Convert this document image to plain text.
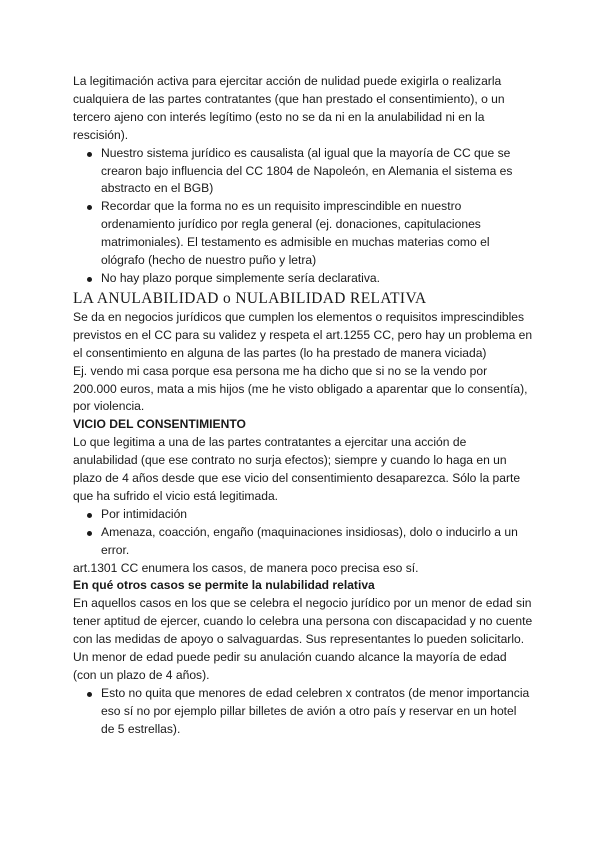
La legitimación activa para ejercitar acción de nulidad puede exigirla o realizarla cualquiera de las partes contratantes (que han prestado el consentimiento), o un tercero ajeno con interés legítimo (esto no se da ni en la anulabilidad ni en la rescisión).

Nuestro sistema jurídico es causalista (al igual que la mayoría de CC que se crearon bajo influencia del CC 1804 de Napoleón, en Alemania el sistema es abstracto en el BGB)
Recordar que la forma no es un requisito imprescindible en nuestro ordenamiento jurídico por regla general (ej. donaciones, capitulaciones matrimoniales). El testamento es admisible en muchas materias como el ológrafo (hecho de nuestro puño y letra)
No hay plazo porque simplemente sería declarativa.
LA ANULABILIDAD o NULABILIDAD RELATIVA

Se da en negocios jurídicos que cumplen los elementos o requisitos imprescindibles previstos en el CC para su validez y respeta el art.1255 CC, pero hay un problema en el consentimiento en alguna de las partes (lo ha prestado de manera viciada)

Ej. vendo mi casa porque esa persona me ha dicho que si no se la vendo por 200.000 euros, mata a mis hijos (me he visto obligado a aparentar que lo consentía), por violencia.

VICIO DEL CONSENTIMIENTO

Lo que legitima a una de las partes contratantes a ejercitar una acción de anulabilidad (que ese contrato no surja efectos); siempre y cuando lo haga en un plazo de 4 años desde que ese vicio del consentimiento desaparezca. Sólo la parte que ha sufrido el vicio está legitimada.

Por intimidación
Amenaza, coacción, engaño (maquinaciones insidiosas), dolo o inducirlo a un error.

art.1301 CC enumera los casos, de manera poco precisa eso sí.

En qué otros casos se permite la nulabilidad relativa

En aquellos casos en los que se celebra el negocio jurídico por un menor de edad sin tener aptitud de ejercer, cuando lo celebra una persona con discapacidad y no cuente con las medidas de apoyo o salvaguardas. Sus representantes lo pueden solicitarlo. Un menor de edad puede pedir su anulación cuando alcance la mayoría de edad (con un plazo de 4 años).

Esto no quita que menores de edad celebren x contratos (de menor importancia eso sí no por ejemplo pillar billetes de avión a otro país y reservar en un hotel de 5 estrellas).
